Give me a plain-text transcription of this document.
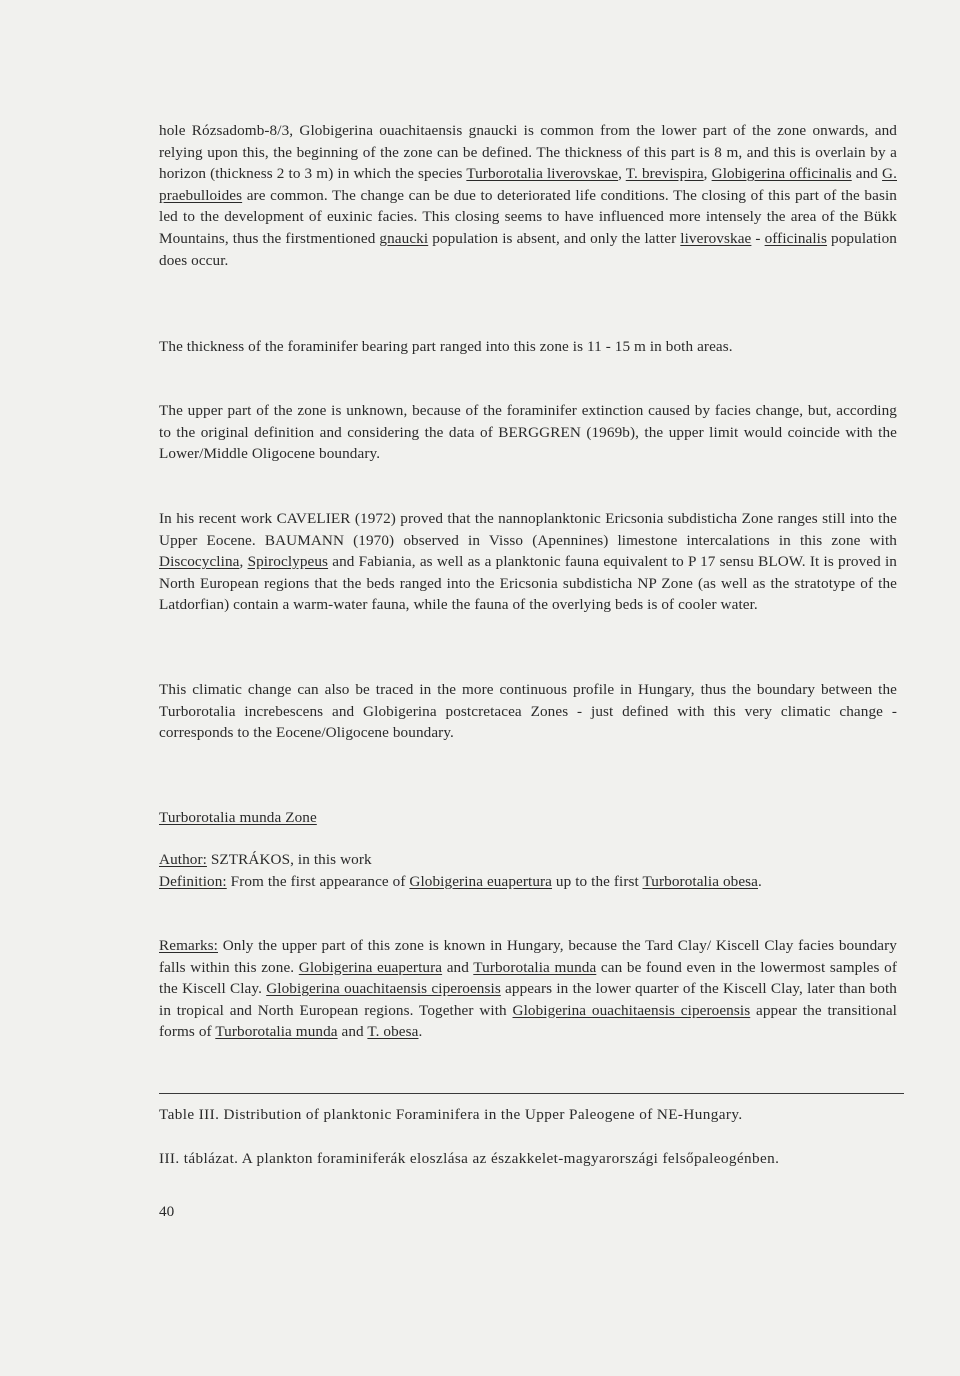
hole Rózsadomb-8/3, Globigerina ouachitaensis gnaucki is common from the lower part of the zone onwards, and relying upon this, the beginning of the zone can be defined. The thickness of this part is 8 m, and this is overlain by a horizon (thickness 2 to 3 m) in which the species Turborotalia liverovskae, T. brevispira, Globigerina officinalis and G. praebulloides are common. The change can be due to deteriorated life conditions. The closing of this part of the basin led to the development of euxinic facies. This closing seems to have influenced more intensely the area of the Bükk Mountains, thus the firstmentioned gnaucki population is absent, and only the latter liverovskae - officinalis population does occur.

The thickness of the foraminifer bearing part ranged into this zone is 11 - 15 m in both areas.

The upper part of the zone is unknown, because of the foraminifer extinction caused by facies change, but, according to the original definition and considering the data of BERGGREN (1969b), the upper limit would coincide with the Lower/Middle Oligocene boundary.

In his recent work CAVELIER (1972) proved that the nannoplanktonic Ericsonia subdisticha Zone ranges still into the Upper Eocene. BAUMANN (1970) observed in Visso (Apennines) limestone intercalations in this zone with Discocyclina, Spiroclypeus and Fabiania, as well as a planktonic fauna equivalent to P 17 sensu BLOW. It is proved in North European regions that the beds ranged into the Ericsonia subdisticha NP Zone (as well as the stratotype of the Latdorfian) contain a warm-water fauna, while the fauna of the overlying beds is of cooler water.

This climatic change can also be traced in the more continuous profile in Hungary, thus the boundary between the Turborotalia increbescens and Globigerina postcretacea Zones - just defined with this very climatic change - corresponds to the Eocene/Oligocene boundary.

Turborotalia munda Zone

Author: SZTRÁKOS, in this work

Definition: From the first appearance of Globigerina euapertura up to the first Turborotalia obesa.

Remarks: Only the upper part of this zone is known in Hungary, because the Tard Clay/ Kiscell Clay facies boundary falls within this zone. Globigerina euapertura and Turborotalia munda can be found even in the lowermost samples of the Kiscell Clay. Globigerina ouachitaensis ciperoensis appears in the lower quarter of the Kiscell Clay, later than both in tropical and North European regions. Together with Globigerina ouachitaensis ciperoensis appear the transitional forms of Turborotalia munda and T. obesa.

Table III. Distribution of planktonic Foraminifera in the Upper Paleogene of NE-Hungary.

III. táblázat. A plankton foraminiferák eloszlása az északkelet-magyarországi felsőpaleogénben.

40
